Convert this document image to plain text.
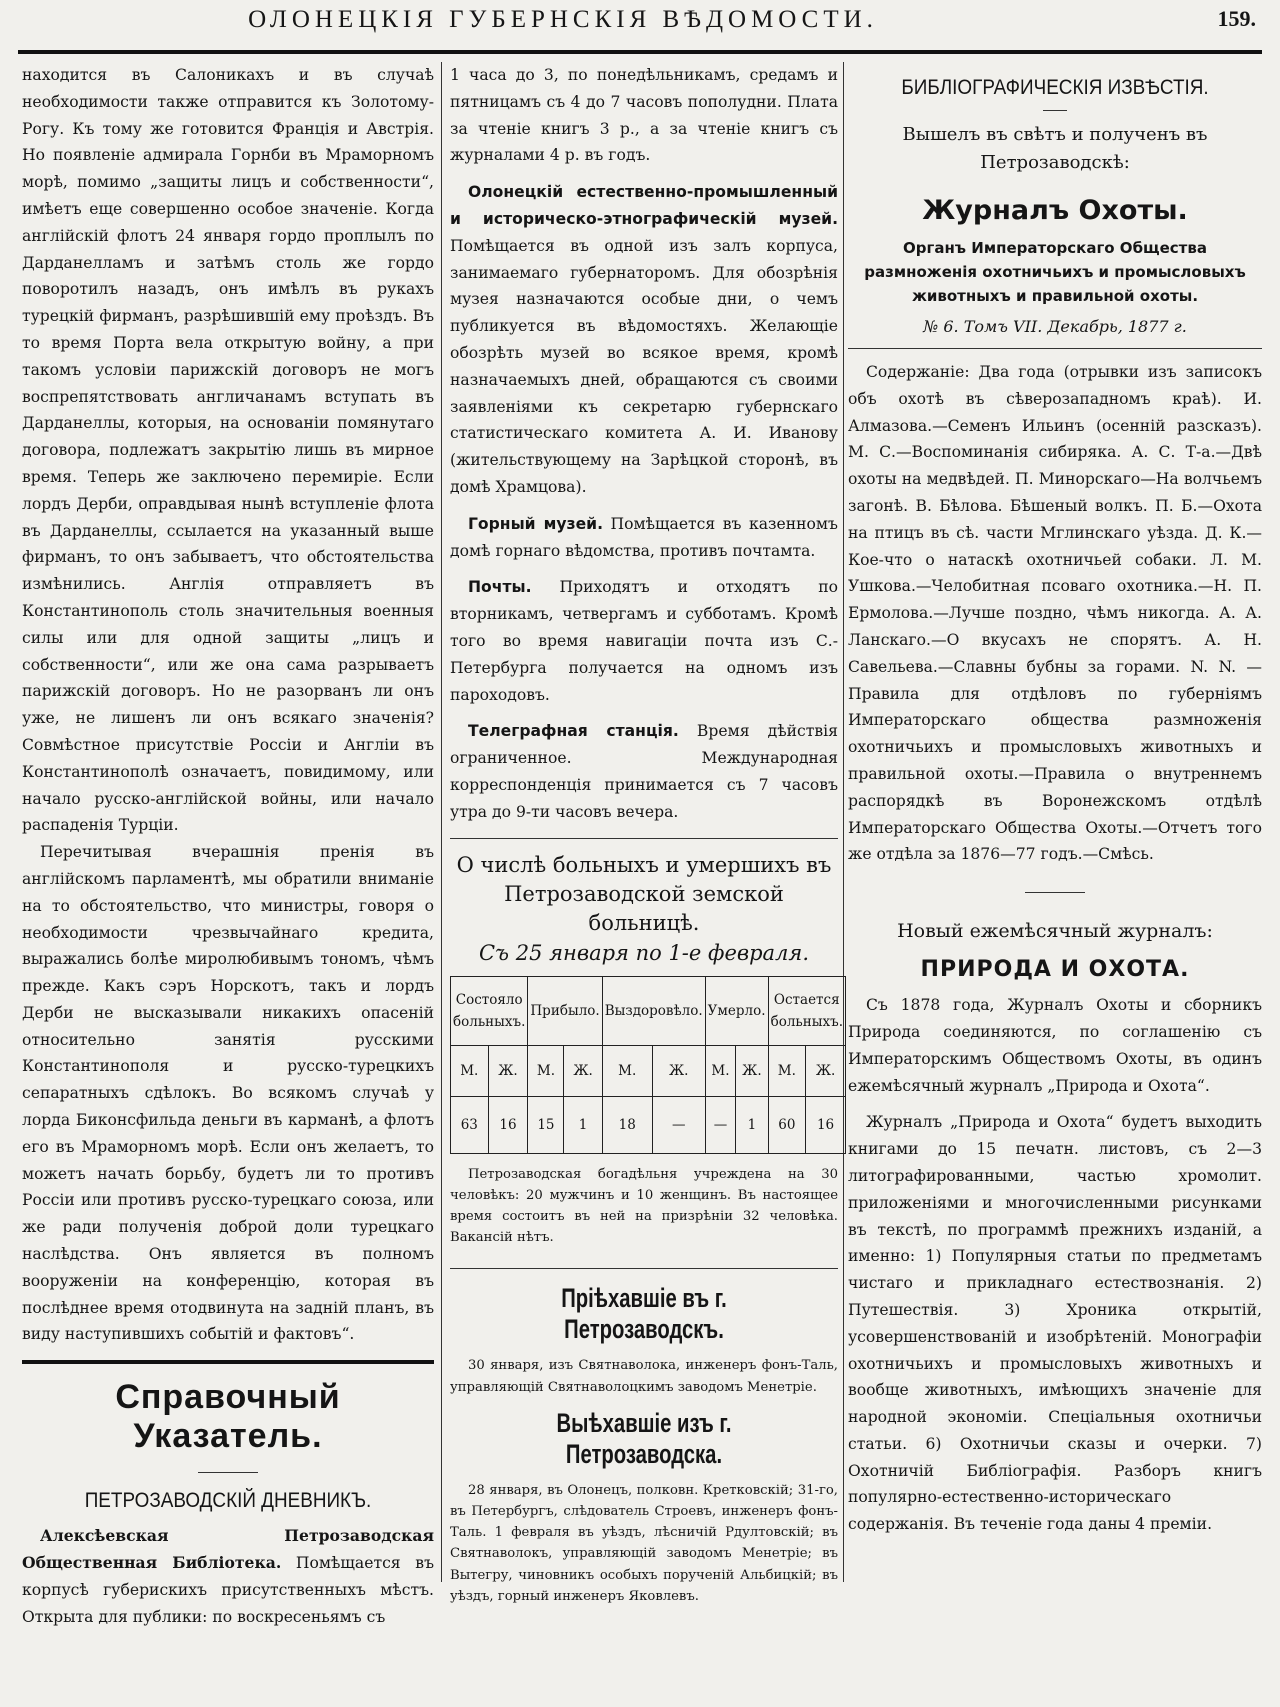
ОЛОНЕЦКІЯ ГУБЕРНСКІЯ ВѢДОМОСТИ.	159.

находится въ Салоникахъ и въ случаѣ необходимости также отправится къ Золотому-Рогу. Къ тому же готовится Франція и Австрія. Но появленіе адмирала Горнби въ Мраморномъ морѣ, помимо „защиты лицъ и собственности“, имѣетъ еще совершенно особое значеніе. Когда англійскій флотъ 24 января гордо проплылъ по Дарданелламъ и затѣмъ столь же гордо поворотилъ назадъ, онъ имѣлъ въ рукахъ турецкій фирманъ, разрѣшившій ему проѣздъ. Въ то время Порта вела открытую войну, а при такомъ условіи парижскій договоръ не могъ воспрепятствовать англичанамъ вступать въ Дарданеллы, которыя, на основаніи помянутаго договора, подлежатъ закрытію лишь въ мирное время. Теперь же заключено перемиріе. Если лордъ Дерби, оправдывая нынѣ вступленіе флота въ Дарданеллы, ссылается на указанный выше фирманъ, то онъ забываетъ, что обстоятельства измѣнились. Англія отправляетъ въ Константинополь столь значительныя военныя силы или для одной защиты „лицъ и собственности“, или же она сама разрываетъ парижскій договоръ. Но не разорванъ ли онъ уже, не лишенъ ли онъ всякаго значенія? Совмѣстное присутствіе Россіи и Англіи въ Константинополѣ означаетъ, повидимому, или начало русско-англійской войны, или начало распаденія Турціи.

Перечитывая вчерашнія пренія въ англійскомъ парламентѣ, мы обратили вниманіе на то обстоятельство, что министры, говоря о необходимости чрезвычайнаго кредита, выражались болѣе миролюбивымъ тономъ, чѣмъ прежде. Какъ сэръ Норскотъ, такъ и лордъ Дерби не высказывали никакихъ опасеній относительно занятія русскими Константинополя и русско-турецкихъ сепаратныхъ сдѣлокъ. Во всякомъ случаѣ у лорда Биконсфильда деньги въ карманѣ, а флотъ его въ Мраморномъ морѣ. Если онъ желаетъ, то можетъ начать борьбу, будетъ ли то противъ Россіи или противъ русско-турецкаго союза, или же ради полученія доброй доли турецкаго наслѣдства. Онъ является въ полномъ вооруженіи на конференцію, которая въ послѣднее время отодвинута на задній планъ, въ виду наступившихъ событій и фактовъ“.

Справочный Указатель.
ПЕТРОЗАВОДСКІЙ ДНЕВНИКЪ.

Алексѣевская Петрозаводская Общественная Библіотека. Помѣщается въ корпусѣ губерискихъ присутственныхъ мѣстъ. Открыта для публики: по воскресеньямъ съ

1 часа до 3, по понедѣльникамъ, средамъ и пятницамъ съ 4 до 7 часовъ пополудни. Плата за чтеніе книгъ 3 р., а за чтеніе книгъ съ журналами 4 р. въ годъ.

Олонецкій естественно-промышленный и историческо-этнографическій музей. Помѣщается въ одной изъ залъ корпуса, занимаемаго губернаторомъ. Для обозрѣнія музея назначаются особые дни, о чемъ публикуется въ вѣдомостяхъ. Желающіе обозрѣть музей во всякое время, кромѣ назначаемыхъ дней, обращаются съ своими заявленіями къ секретарю губернскаго статистическаго комитета А. И. Иванову (жительствующему на Зарѣцкой сторонѣ, въ домѣ Храмцова).

Горный музей. Помѣщается въ казенномъ домѣ горнаго вѣдомства, противъ почтамта.

Почты. Приходятъ и отходятъ по вторникамъ, четвергамъ и субботамъ. Кромѣ того во время навигаціи почта изъ С.-Петербурга получается на одномъ изъ пароходовъ.

Телеграфная станція. Время дѣйствія ограниченное. Международная корреспонденція принимается съ 7 часовъ утра до 9-ти часовъ вечера.

О числѣ больныхъ и умершихъ въ Петрозаводской земской больницѣ.

Съ 25 января по 1-е февраля.

Состояло больныхъ.		Прибыло.		Выздоровѣло.		Умерло.		Остается больныхъ.	
М.	Ж.	М.	Ж.	М.	Ж.	М.	Ж.	М.	Ж.
63	16	15	1	18	—	—	1	60	16

Петрозаводская богадѣльня учреждена на 30 человѣкъ: 20 мужчинъ и 10 женщинъ. Въ настоящее время состоитъ въ ней на призрѣніи 32 человѣка. Вакансій нѣтъ.

Пріѣхавшіе въ г. Петрозаводскъ.

30 января, изъ Святнаволока, инженеръ фонъ-Таль, управляющій Святнаволоцкимъ заводомъ Менетріе.

Выѣхавшіе изъ г. Петрозаводска.

28 января, въ Олонецъ, полковн. Кретковскій; 31-го, въ Петербургъ, слѣдователь Строевъ, инженеръ фонъ-Таль. 1 февраля въ уѣздъ, лѣсничій Рдултовскій; въ Святнаволокъ, управляющій заводомъ Менетріе; въ Вытегру, чиновникъ особыхъ порученій Альбицкій; въ уѣздъ, горный инженеръ Яковлевъ.

БИБЛІОГРАФИЧЕСКІЯ ИЗВѢСТІЯ.

Вышелъ въ свѣтъ и полученъ въ Петрозаводскѣ:

Журналъ Охоты.

Органъ Императорскаго Общества размноженія охотничьихъ и промысловыхъ животныхъ и правильной охоты.

№ 6. Томъ VII. Декабрь, 1877 г.

Содержаніе: Два года (отрывки изъ записокъ объ охотѣ въ сѣверозападномъ краѣ). И. Алмазова.—Семенъ Ильинъ (осенній разсказъ). М. С.—Воспоминанія сибиряка. А. С. Т-а.—Двѣ охоты на медвѣдей. П. Минорскаго—На волчьемъ загонѣ. В. Бѣлова. Бѣшеный волкъ. П. Б.—Охота на птицъ въ сѣ. части Мглинскаго уѣзда. Д. К.—Кое-что о натаскѣ охотничьей собаки. Л. М. Ушкова.—Челобитная псоваго охотника.—Н. П. Ермолова.—Лучше поздно, чѣмъ никогда. А. А. Ланскаго.—О вкусахъ не спорятъ. А. Н. Савельева.—Славны бубны за горами. N. N. —Правила для отдѣловъ по губерніямъ Императорскаго общества размноженія охотничьихъ и промысловыхъ животныхъ и правильной охоты.—Правила о внутреннемъ распорядкѣ въ Воронежскомъ отдѣлѣ Императорскаго Общества Охоты.—Отчетъ того же отдѣла за 1876—77 годъ.—Смѣсь.

Новый ежемѣсячный журналъ:

ПРИРОДА И ОХОТА.

Съ 1878 года, Журналъ Охоты и сборникъ Природа соединяются, по соглашенію съ Императорскимъ Обществомъ Охоты, въ одинъ ежемѣсячный журналъ „Природа и Охота“.

Журналъ „Природа и Охота“ будетъ выходить книгами до 15 печатн. листовъ, съ 2—3 литографированными, частью хромолит. приложеніями и многочисленными рисунками въ текстѣ, по программѣ прежнихъ изданій, а именно: 1) Популярныя статьи по предметамъ чистаго и прикладнаго естествознанія. 2) Путешествія. 3) Хроника открытій, усовершенствованій и изобрѣтеній. Монографіи охотничьихъ и промысловыхъ животныхъ и вообще животныхъ, имѣющихъ значеніе для народной экономіи. Спеціальныя охотничьи статьи. 6) Охотничьи сказы и очерки. 7) Охотничій Библіографія. Разборъ книгъ популярно-естественно-историческаго содержанія. Въ теченіе года даны 4 преміи.
